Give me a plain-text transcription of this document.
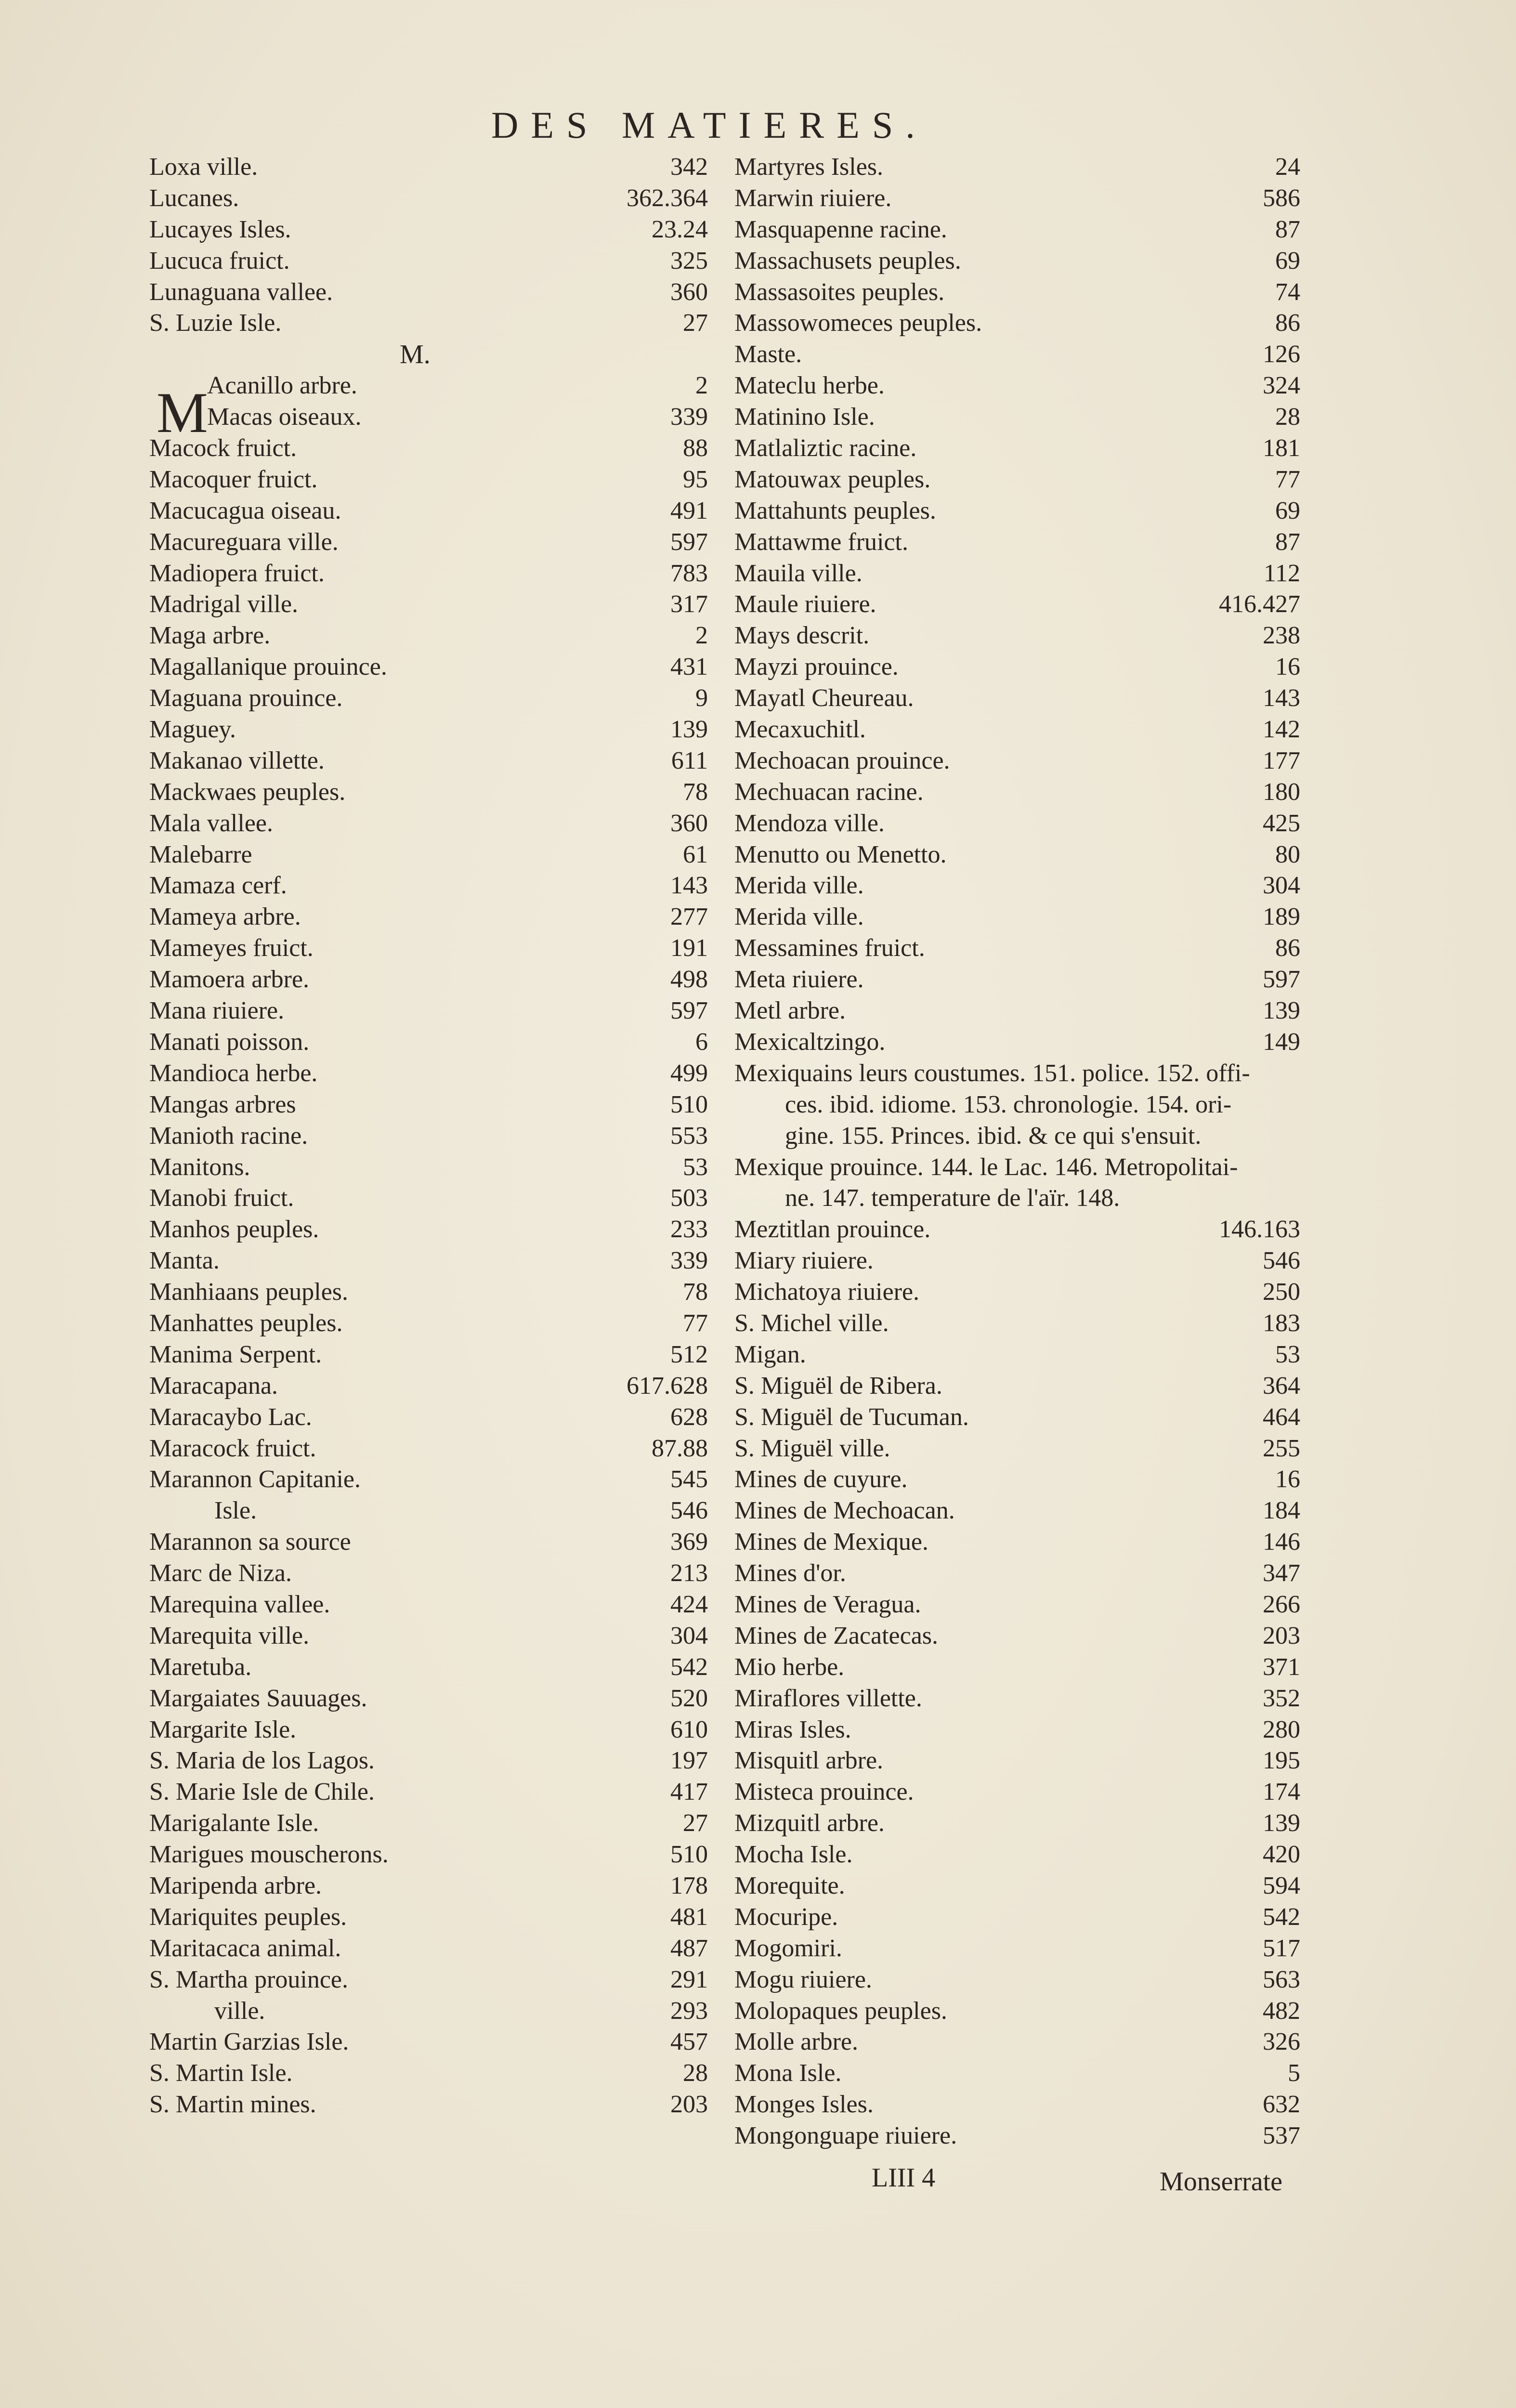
DES MATIERES.
Loxa ville.	342
Lucanes.	362.364
Lucayes Isles.	23.24
Lucuca fruict.	325
Lunaguana vallee.	360
S. Luzie Isle.	27
M.
M
Acanillo arbre.	2
Macas oiseaux.	339
Macock fruict.	88
Macoquer fruict.	95
Macucagua oiseau.	491
Macureguara ville.	597
Madiopera fruict.	783
Madrigal ville.	317
Maga arbre.	2
Magallanique prouince.	431
Maguana prouince.	9
Maguey.	139
Makanao villette.	611
Mackwaes peuples.	78
Mala vallee.	360
Malebarre	61
Mamaza cerf.	143
Mameya arbre.	277
Mameyes fruict.	191
Mamoera arbre.	498
Mana riuiere.	597
Manati poisson.	6
Mandioca herbe.	499
Mangas arbres	510
Manioth racine.	553
Manitons.	53
Manobi fruict.	503
Manhos peuples.	233
Manta.	339
Manhiaans peuples.	78
Manhattes peuples.	77
Manima Serpent.	512
Maracapana.	617.628
Maracaybo Lac.	628
Maracock fruict.	87.88
Marannon Capitanie.	545
Isle.	546
Marannon sa source	369
Marc de Niza.	213
Marequina vallee.	424
Marequita ville.	304
Maretuba.	542
Margaiates Sauuages.	520
Margarite Isle.	610
S. Maria de los Lagos.	197
S. Marie Isle de Chile.	417
Marigalante Isle.	27
Marigues mouscherons.	510
Maripenda arbre.	178
Mariquites peuples.	481
Maritacaca animal.	487
S. Martha prouince.	291
ville.	293
Martin Garzias Isle.	457
S. Martin Isle.	28
S. Martin mines.	203
Martyres Isles.	24
Marwin riuiere.	586
Masquapenne racine.	87
Massachusets peuples.	69
Massasoites peuples.	74
Massowomeces peuples.	86
Maste.	126
Mateclu herbe.	324
Matinino Isle.	28
Matlaliztic racine.	181
Matouwax peuples.	77
Mattahunts peuples.	69
Mattawme fruict.	87
Mauila ville.	112
Maule riuiere.	416.427
Mays descrit.	238
Mayzi prouince.	16
Mayatl Cheureau.	143
Mecaxuchitl.	142
Mechoacan prouince.	177
Mechuacan racine.	180
Mendoza ville.	425
Menutto ou Menetto.	80
Merida ville.	304
Merida ville.	189
Messamines fruict.	86
Meta riuiere.	597
Metl arbre.	139
Mexicaltzingo.	149
Mexiquains leurs coustumes. 151. police. 152. offi-
ces. ibid. idiome. 153. chronologie. 154. ori-
gine. 155. Princes. ibid. & ce qui s'ensuit.
Mexique prouince. 144. le Lac. 146. Metropolitai-
ne. 147. temperature de l'aïr. 148.
Meztitlan prouince.	146.163
Miary riuiere.	546
Michatoya riuiere.	250
S. Michel ville.	183
Migan.	53
S. Miguël de Ribera.	364
S. Miguël de Tucuman.	464
S. Miguël ville.	255
Mines de cuyure.	16
Mines de Mechoacan.	184
Mines de Mexique.	146
Mines d'or.	347
Mines de Veragua.	266
Mines de Zacatecas.	203
Mio herbe.	371
Miraflores villette.	352
Miras Isles.	280
Misquitl arbre.	195
Misteca prouince.	174
Mizquitl arbre.	139
Mocha Isle.	420
Morequite.	594
Mocuripe.	542
Mogomiri.	517
Mogu riuiere.	563
Molopaques peuples.	482
Molle arbre.	326
Mona Isle.	5
Monges Isles.	632
Mongonguape riuiere.	537
LIII 4	Monserrate
